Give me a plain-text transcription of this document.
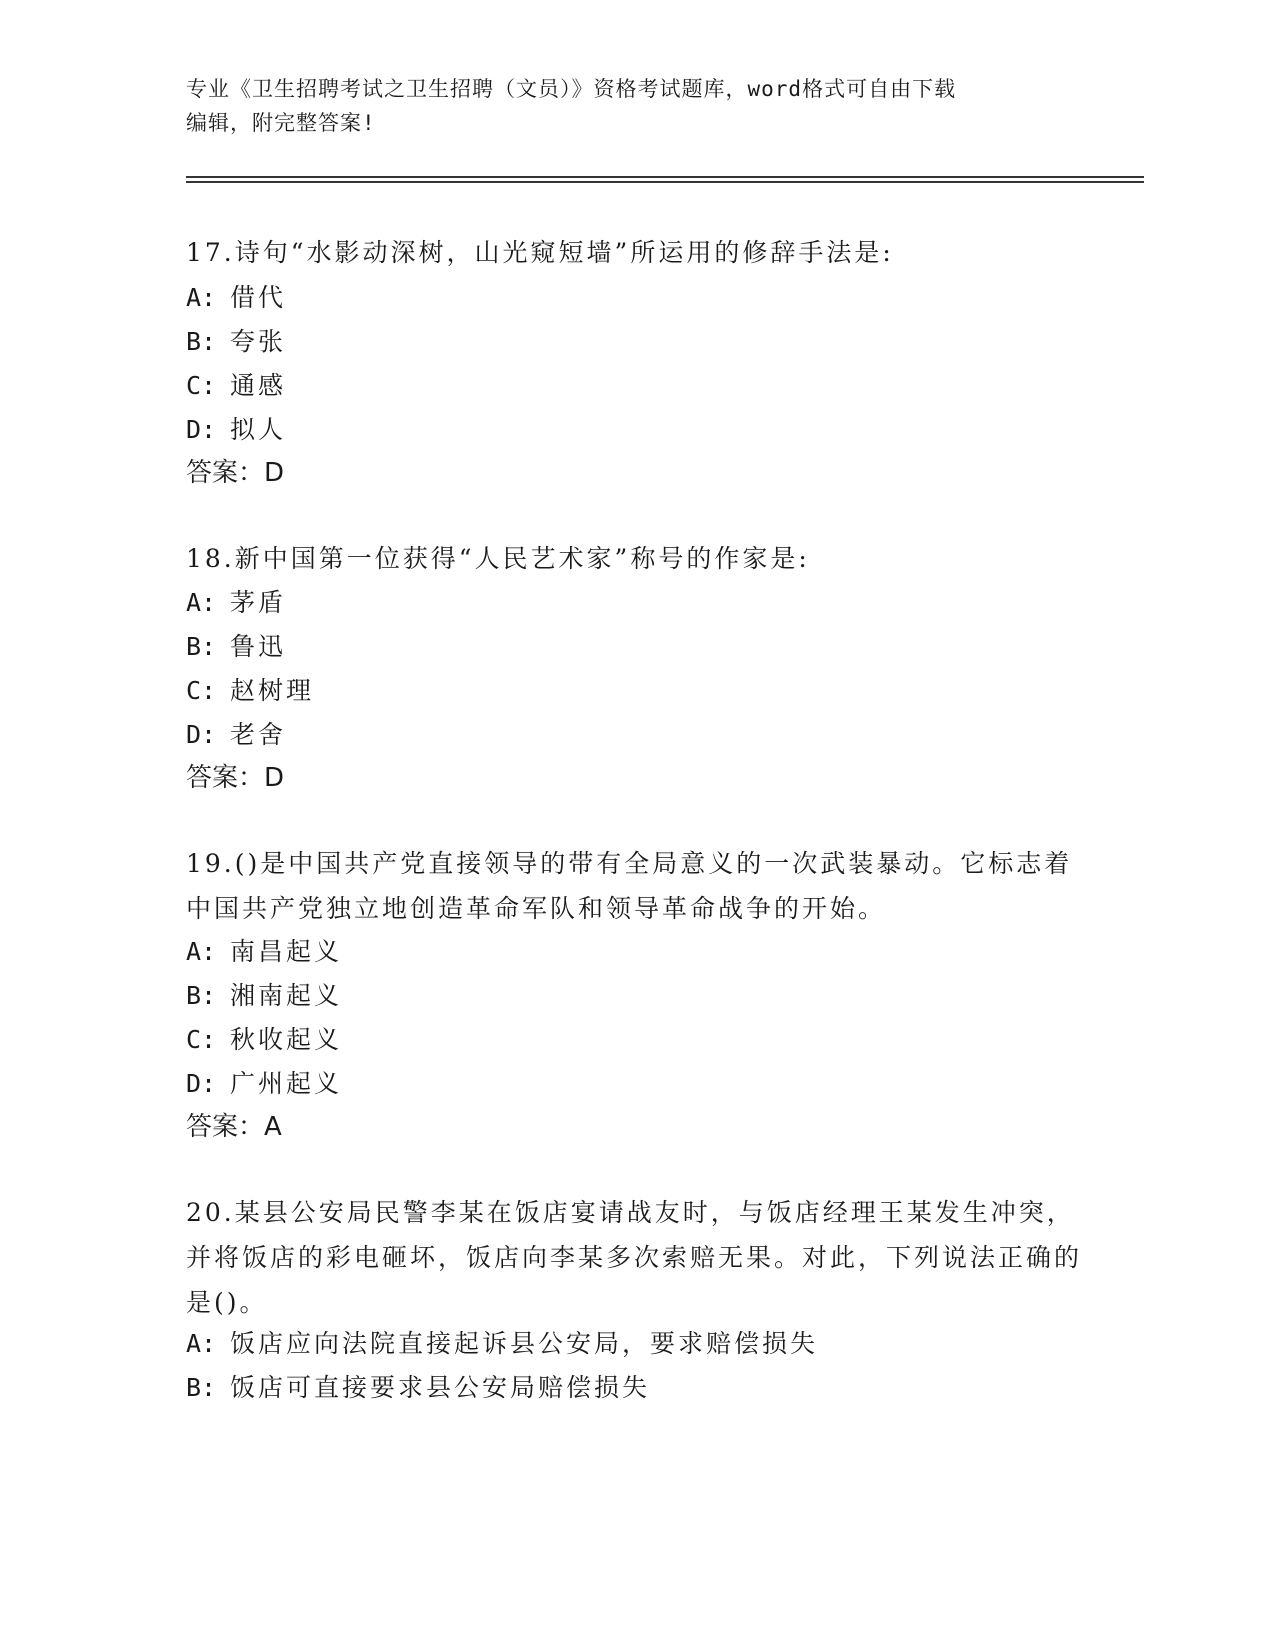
专业《卫生招聘考试之卫生招聘（文员）》资格考试题库，word格式可自由下载
编辑，附完整答案!
17.诗句“水影动深树，山光窥短墙”所运用的修辞手法是:
A: 借代
B: 夸张
C: 通感
D: 拟人
答案：D
18.新中国第一位获得“人民艺术家”称号的作家是:
A: 茅盾
B: 鲁迅
C: 赵树理
D: 老舍
答案：D
19.()是中国共产党直接领导的带有全局意义的一次武装暴动。它标志着中国共产党独立地创造革命军队和领导革命战争的开始。
A: 南昌起义
B: 湘南起义
C: 秋收起义
D: 广州起义
答案：A
20.某县公安局民警李某在饭店宴请战友时，与饭店经理王某发生冲突，并将饭店的彩电砸坏，饭店向李某多次索赔无果。对此，下列说法正确的是()。
A: 饭店应向法院直接起诉县公安局，要求赔偿损失
B: 饭店可直接要求县公安局赔偿损失
